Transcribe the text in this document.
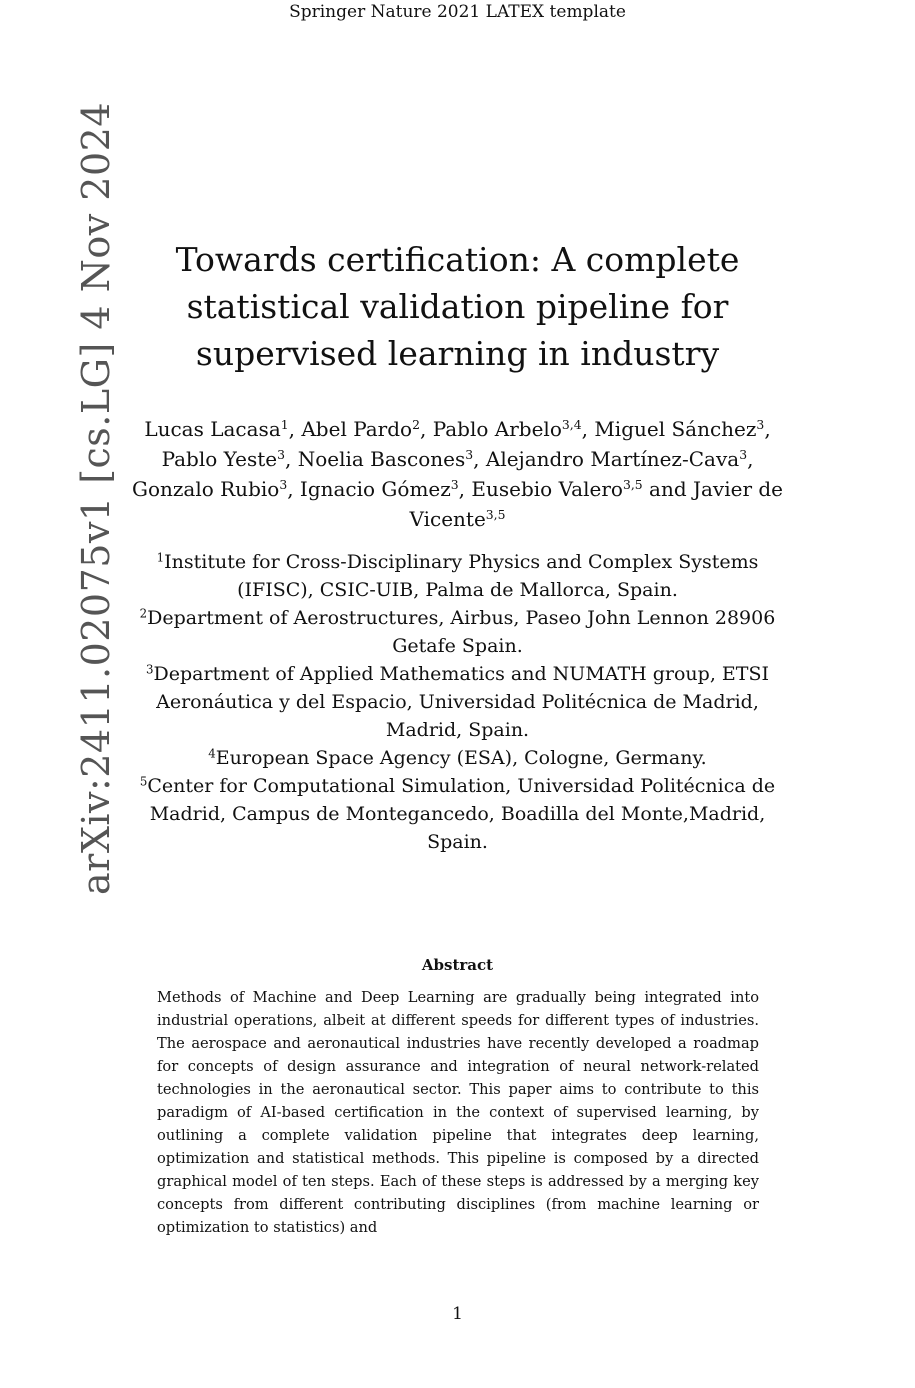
Springer Nature 2021 LATEX template
arXiv:2411.02075v1 [cs.LG] 4 Nov 2024	Towards certification: A complete statistical validation pipeline for supervised learning in industry
Lucas Lacasa$^1$, Abel Pardo$^2$, Pablo Arbelo$^{3,4}$, Miguel Sánchez$^3$, Pablo Yeste$^3$, Noelia Bascones$^3$, Alejandro Martínez-Cava$^3$, Gonzalo Rubio$^3$, Ignacio Gómez$^3$, Eusebio Valero$^{3,5}$ and Javier de Vicente$^{3,5}$
$^1$Institute for Cross-Disciplinary Physics and Complex Systems (IFISC), CSIC-UIB, Palma de Mallorca, Spain.
$^2$Department of Aerostructures, Airbus, Paseo John Lennon 28906 Getafe Spain.
$^3$Department of Applied Mathematics and NUMATH group, ETSI Aeronáutica y del Espacio, Universidad Politécnica de Madrid, Madrid, Spain.
$^4$European Space Agency (ESA), Cologne, Germany.
$^5$Center for Computational Simulation, Universidad Politécnica de Madrid, Campus de Montegancedo, Boadilla del Monte,Madrid, Spain.
Abstract

Methods of Machine and Deep Learning are gradually being integrated into industrial operations, albeit at different speeds for different types of industries. The aerospace and aeronautical industries have recently developed a roadmap for concepts of design assurance and integration of neural network-related technologies in the aeronautical sector. This paper aims to contribute to this paradigm of AI-based certification in the context of supervised learning, by outlining a complete validation pipeline that integrates deep learning, optimization and statistical methods. This pipeline is composed by a directed graphical model of ten steps. Each of these steps is addressed by a merging key concepts from different contributing disciplines (from machine learning or optimization to statistics) and

1
